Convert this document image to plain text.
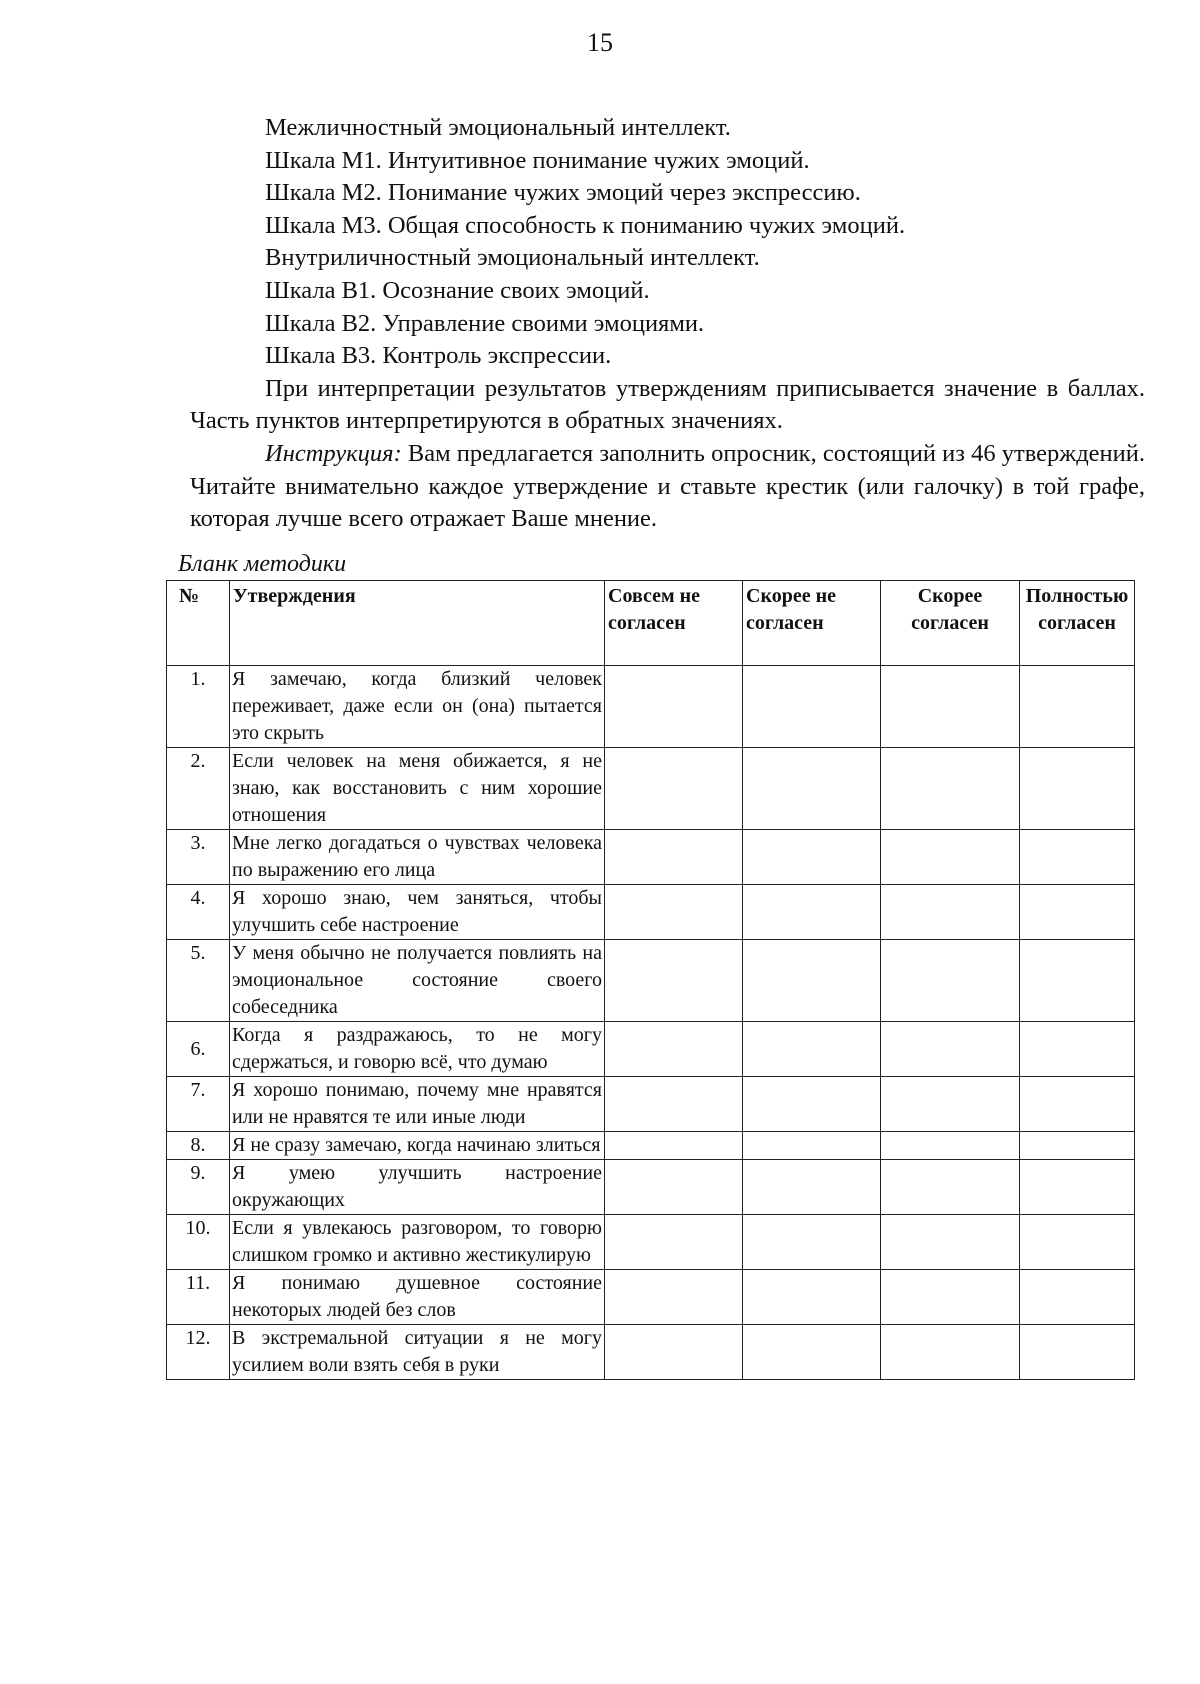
15
Межличностный эмоциональный интеллект.
Шкала М1. Интуитивное понимание чужих эмоций.
Шкала М2. Понимание чужих эмоций через экспрессию.
Шкала М3. Общая способность к пониманию чужих эмоций.
Внутриличностный эмоциональный интеллект.
Шкала В1. Осознание своих эмоций.
Шкала В2. Управление своими эмоциями.
Шкала В3. Контроль экспрессии.
При интерпретации результатов утверждениям приписывается значение в баллах. Часть пунктов интерпретируются в обратных значениях.
Инструкция: Вам предлагается заполнить опросник, состоящий из 46 утверждений. Читайте внимательно каждое утверждение и ставьте крестик (или галочку) в той графе, которая лучше всего отражает Ваше мнение.
Бланк методики
№	Утверждения	Совсем не согласен	Скорее не согласен	Скорее согласен	Полностью согласен
1.	Я замечаю, когда близкий человек переживает, даже если он (она) пытается это скрыть				
2.	Если человек на меня обижается, я не знаю, как восстановить с ним хорошие отношения				
3.	Мне легко догадаться о чувствах человека по выражению его лица				
4.	Я хорошо знаю, чем заняться, чтобы улучшить себе настроение				
5.	У меня обычно не получается повлиять на эмоциональное состояние своего собеседника				
6.	Когда я раздражаюсь, то не могу сдержаться, и говорю всё, что думаю				
7.	Я хорошо понимаю, почему мне нравятся или не нравятся те или иные люди				
8.	Я не сразу замечаю, когда начинаю злиться				
9.	Я умею улучшить настроение окружающих				
10.	Если я увлекаюсь разговором, то говорю слишком громко и активно жестикулирую				
11.	Я понимаю душевное состояние некоторых людей без слов				
12.	В экстремальной ситуации я не могу усилием воли взять себя в руки				
